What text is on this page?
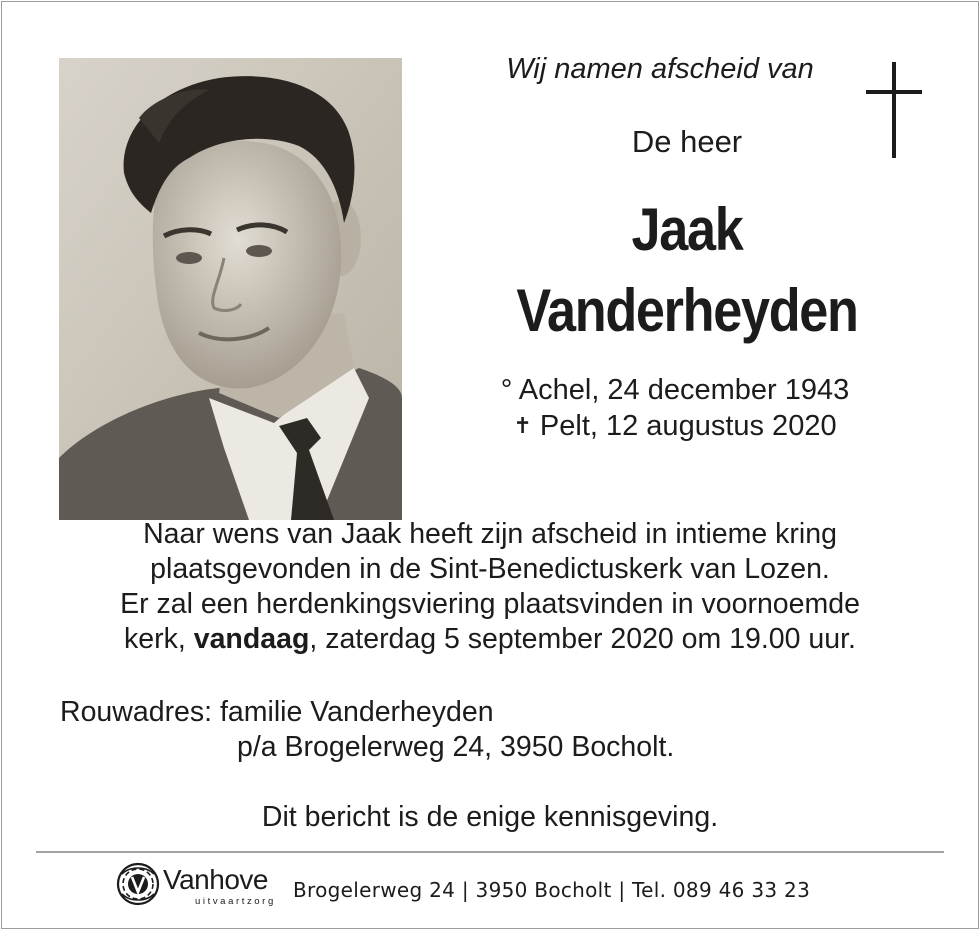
Wij namen afscheid van
De heer
Jaak
Vanderheyden
° Achel, 24 december 1943
✝ Pelt, 12 augustus 2020

Naar wens van Jaak heeft zijn afscheid in intieme kring

plaatsgevonden in de Sint-Benedictuskerk van Lozen.

Er zal een herdenkingsviering plaatsvinden in voornoemde

kerk, vandaag, zaterdag 5 september 2020 om 19.00 uur.

Rouwadres: familie Vanderheyden
p/a Brogelerweg 24, 3950 Bocholt.
Dit bericht is de enige kennisgeving.
Vanhove
uitvaartzorg Brogelerweg 24 | 3950 Bocholt | Tel. 089 46 33 23
